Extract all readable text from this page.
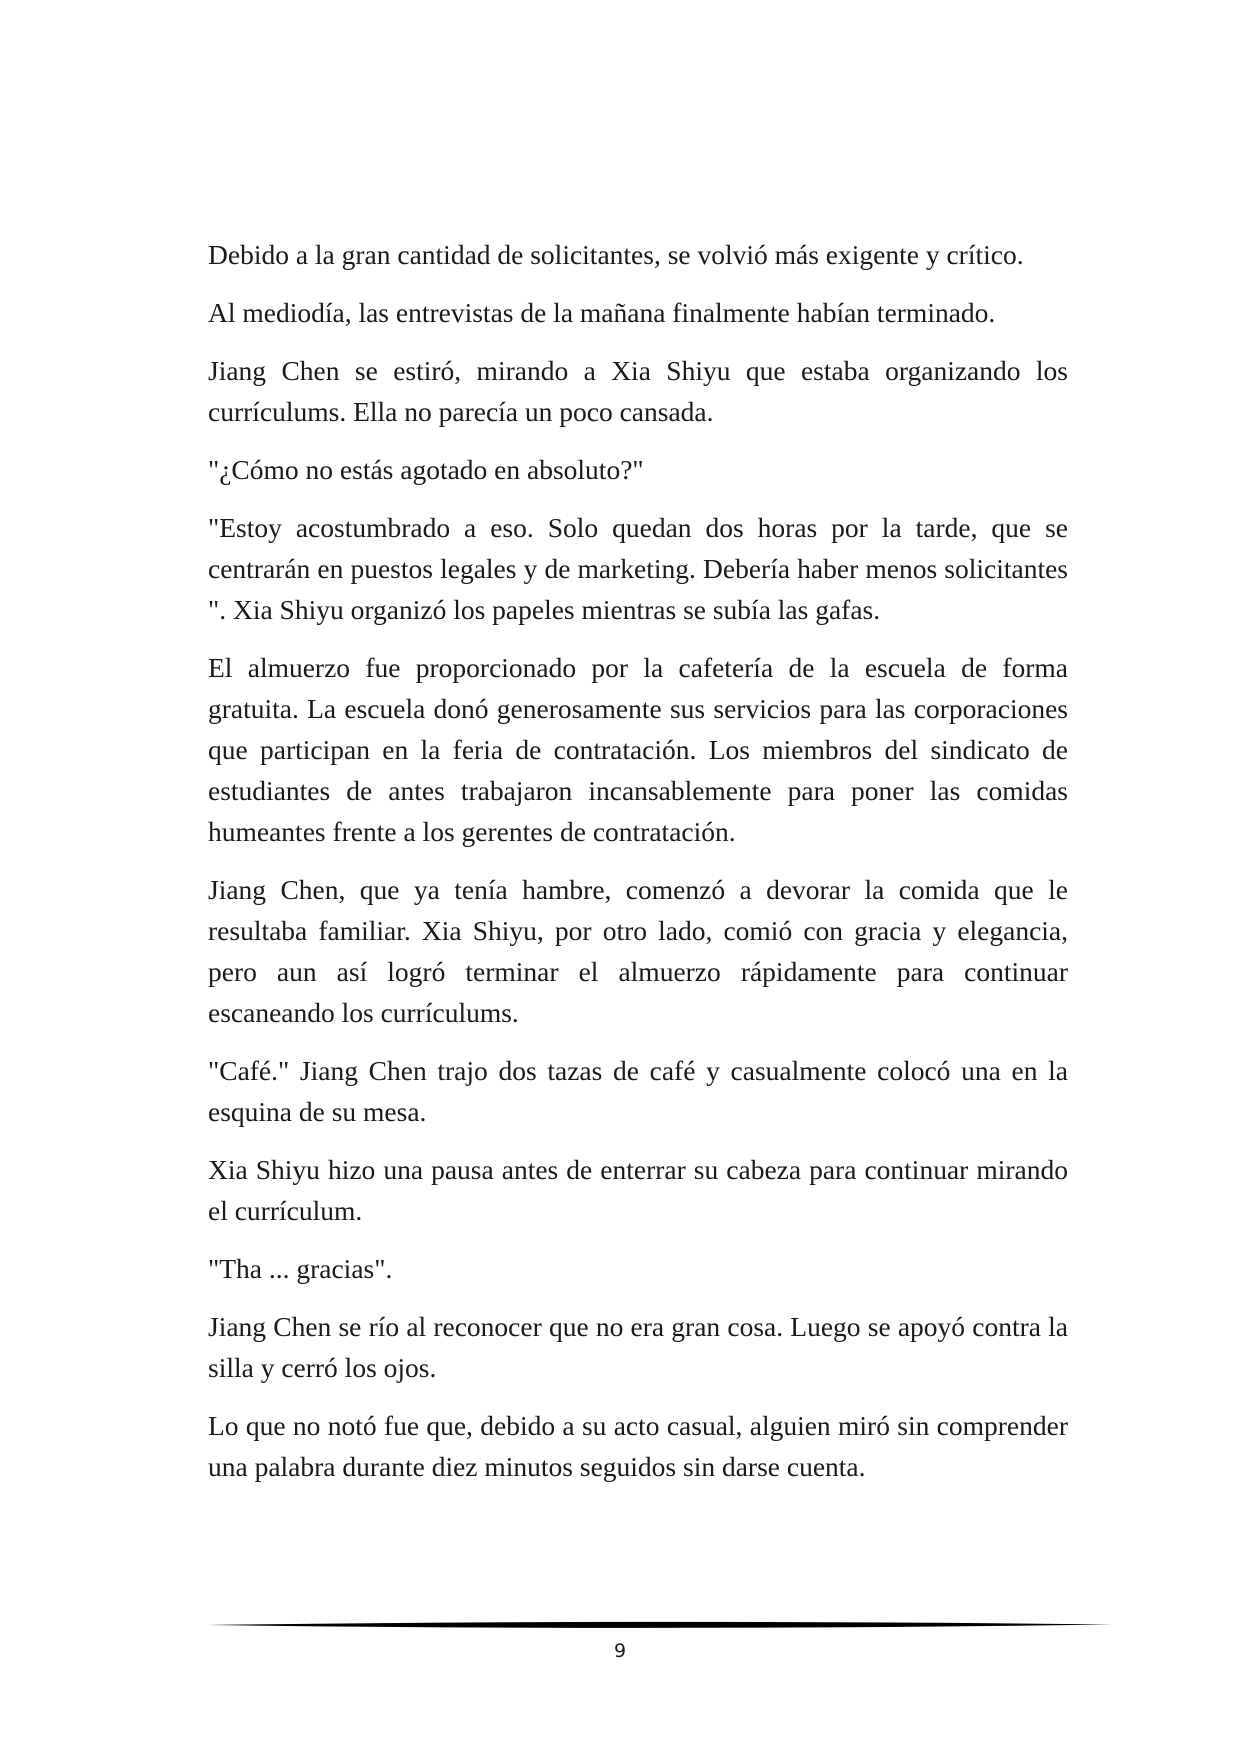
Debido a la gran cantidad de solicitantes, se volvió más exigente y crítico.

Al mediodía, las entrevistas de la mañana finalmente habían terminado.

Jiang Chen se estiró, mirando a Xia Shiyu que estaba organizando los currículums. Ella no parecía un poco cansada.

"¿Cómo no estás agotado en absoluto?"

"Estoy acostumbrado a eso. Solo quedan dos horas por la tarde, que se centrarán en puestos legales y de marketing. Debería haber menos solicitantes ". Xia Shiyu organizó los papeles mientras se subía las gafas.

El almuerzo fue proporcionado por la cafetería de la escuela de forma gratuita. La escuela donó generosamente sus servicios para las corporaciones que participan en la feria de contratación. Los miembros del sindicato de estudiantes de antes trabajaron incansablemente para poner las comidas humeantes frente a los gerentes de contratación.

Jiang Chen, que ya tenía hambre, comenzó a devorar la comida que le resultaba familiar. Xia Shiyu, por otro lado, comió con gracia y elegancia, pero aun así logró terminar el almuerzo rápidamente para continuar escaneando los currículums.

"Café." Jiang Chen trajo dos tazas de café y casualmente colocó una en la esquina de su mesa.

Xia Shiyu hizo una pausa antes de enterrar su cabeza para continuar mirando el currículum.

"Tha ... gracias".

Jiang Chen se río al reconocer que no era gran cosa. Luego se apoyó contra la silla y cerró los ojos.

Lo que no notó fue que, debido a su acto casual, alguien miró sin comprender una palabra durante diez minutos seguidos sin darse cuenta.

9
